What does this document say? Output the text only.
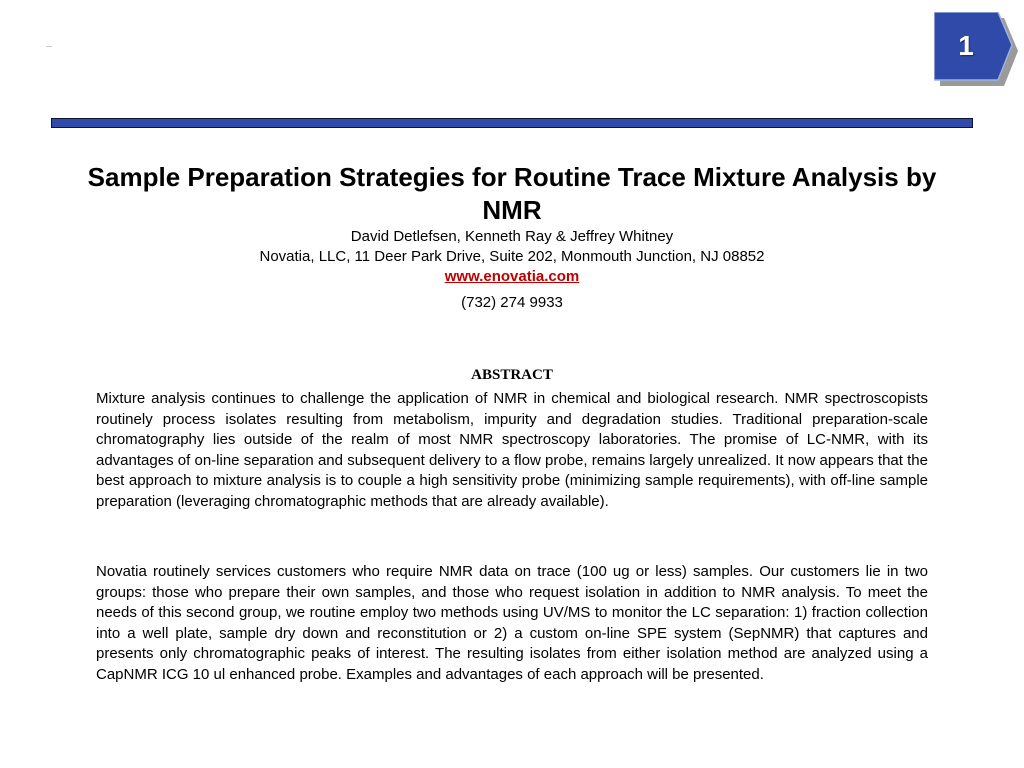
1
Sample Preparation Strategies for Routine Trace Mixture Analysis by NMR

David Detlefsen, Kenneth Ray & Jeffrey Whitney

Novatia, LLC, 11 Deer Park Drive, Suite 202, Monmouth Junction, NJ 08852

www.enovatia.com

(732) 274 9933

ABSTRACT

Mixture analysis continues to challenge the application of NMR in chemical and biological research. NMR spectroscopists routinely process isolates resulting from metabolism, impurity and degradation studies. Traditional preparation-scale chromatography lies outside of the realm of most NMR spectroscopy laboratories. The promise of LC-NMR, with its advantages of on-line separation and subsequent delivery to a flow probe, remains largely unrealized. It now appears that the best approach to mixture analysis is to couple a high sensitivity probe (minimizing sample requirements), with off-line sample preparation (leveraging chromatographic methods that are already available).

Novatia routinely services customers who require NMR data on trace (100 ug or less) samples. Our customers lie in two groups: those who prepare their own samples, and those who request isolation in addition to NMR analysis. To meet the needs of this second group, we routine employ two methods using UV/MS to monitor the LC separation: 1) fraction collection into a well plate, sample dry down and reconstitution or 2) a custom on-line SPE system (SepNMR) that captures and presents only chromatographic peaks of interest. The resulting isolates from either isolation method are analyzed using a CapNMR ICG 10 ul enhanced probe. Examples and advantages of each approach will be presented.
